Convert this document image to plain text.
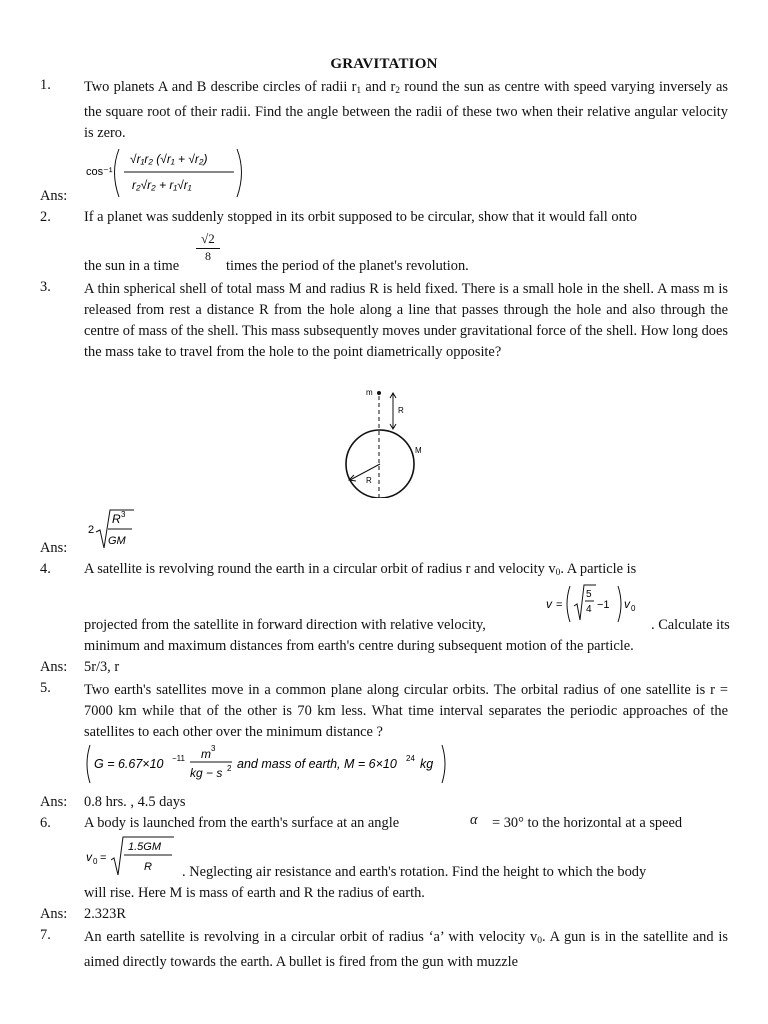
GRAVITATION
1. Two planets A and B describe circles of radii $r_1$ and $r_2$ round the sun as centre with speed varying inversely as the square root of their radii. Find the angle between the radii of these two when their relative angular velocity is zero.
cos⁻¹
√r₁r₂ (√r₁ + √r₂)
r₂√r₂ + r₁√r₁
Ans:
2. If a planet was suddenly stopped in its orbit supposed to be circular, show that it would fall onto
$\frac{√2}{8}$
the sun in a time	times the period of the planet's revolution.
3. A thin spherical shell of total mass M and radius R is held fixed. There is a small hole in the shell. A mass m is released from rest a distance R from the hole along a line that passes through the hole and also through the centre of mass of the shell. This mass subsequently moves under gravitational force of the shell. How long does the mass take to travel from the hole to the point diametrically opposite?
m
R
M
R
2
R 3
GM
Ans:
4. A satellite is revolving round the earth in a circular orbit of radius r and velocity $v_0$. A particle is
v =
5
4 −1 v 0
projected from the satellite in forward direction with relative velocity,	. Calculate its
minimum and maximum distances from earth's centre during subsequent motion of the particle.
Ans: 5r/3, r
5. Two earth's satellites move in a common plane along circular orbits. The orbital radius of one satellite is r = 7000 km while that of the other is 70 km less. What time interval separates the periodic approaches of the satellites to each other over the minimum distance ?
G = 6.67×10 −11 m 3
kg − s 2 and mass of earth, M = 6×10 24 kg
Ans: 0.8 hrs. , 4.5 days
6. A body is launched from the earth's surface at an angle	α = 30° to the horizontal at a speed
v 0 =
1.5GM
R . Neglecting air resistance and earth's rotation. Find the height to which the body
will rise. Here M is mass of earth and R the radius of earth.
Ans: 2.323R
7. An earth satellite is revolving in a circular orbit of radius ‘a’ with velocity $v_0$. A gun is in the satellite and is aimed directly towards the earth. A bullet is fired from the gun with muzzle
